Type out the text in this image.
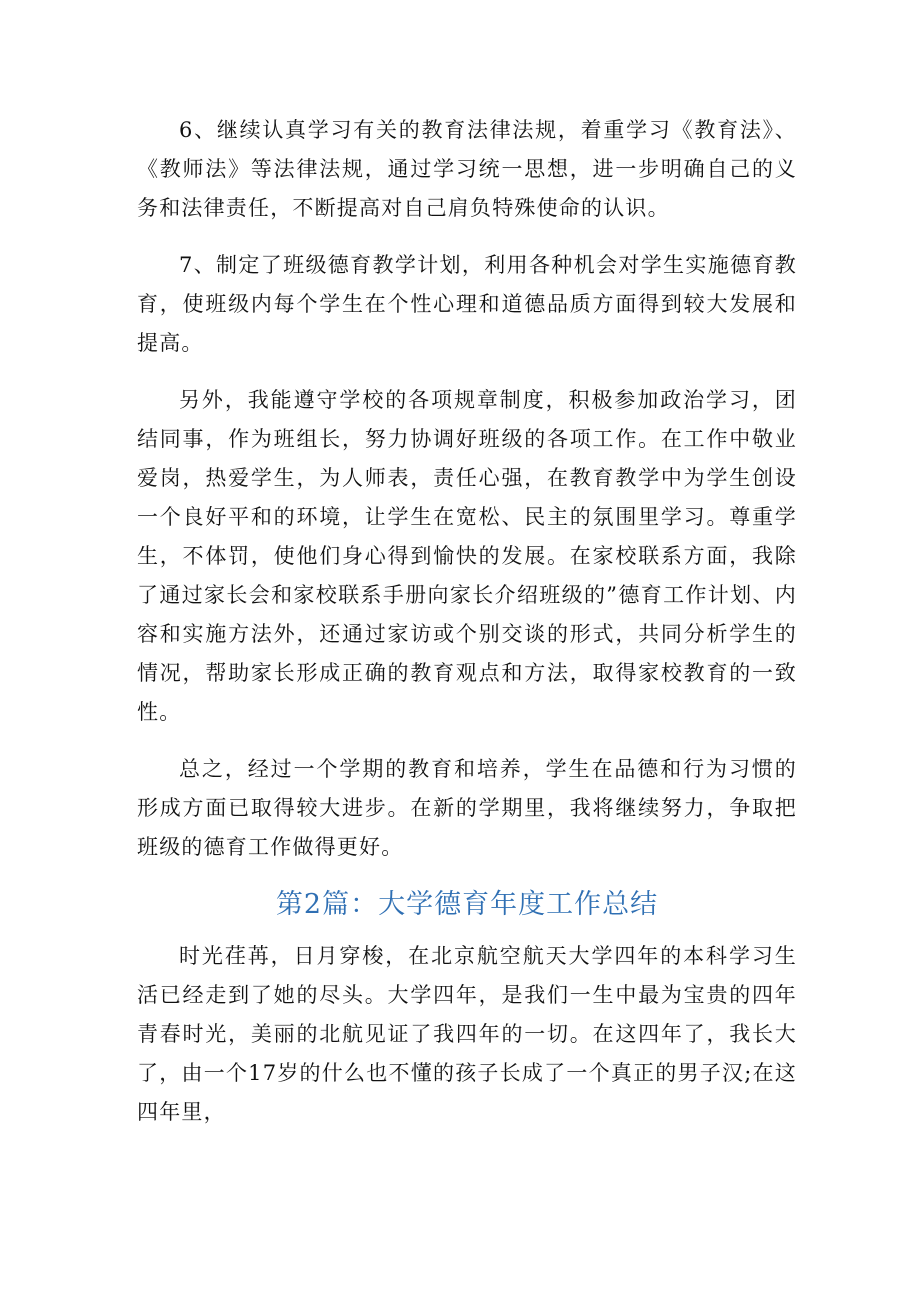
6、继续认真学习有关的教育法律法规，着重学习《教育法》、《教师法》等法律法规，通过学习统一思想，进一步明确自己的义务和法律责任，不断提高对自己肩负特殊使命的认识。

7、制定了班级德育教学计划，利用各种机会对学生实施德育教育，使班级内每个学生在个性心理和道德品质方面得到较大发展和提高。

另外，我能遵守学校的各项规章制度，积极参加政治学习，团结同事，作为班组长，努力协调好班级的各项工作。在工作中敬业爱岗，热爱学生，为人师表，责任心强，在教育教学中为学生创设一个良好平和的环境，让学生在宽松、民主的氛围里学习。尊重学生，不体罚，使他们身心得到愉快的发展。在家校联系方面，我除了通过家长会和家校联系手册向家长介绍班级的”德育工作计划、内容和实施方法外，还通过家访或个别交谈的形式，共同分析学生的情况，帮助家长形成正确的教育观点和方法，取得家校教育的一致性。

总之，经过一个学期的教育和培养，学生在品德和行为习惯的形成方面已取得较大进步。在新的学期里，我将继续努力，争取把班级的德育工作做得更好。

第2篇：大学德育年度工作总结

时光荏苒，日月穿梭，在北京航空航天大学四年的本科学习生活已经走到了她的尽头。大学四年，是我们一生中最为宝贵的四年青春时光，美丽的北航见证了我四年的一切。在这四年了，我长大了，由一个17岁的什么也不懂的孩子长成了一个真正的男子汉;在这四年里，
